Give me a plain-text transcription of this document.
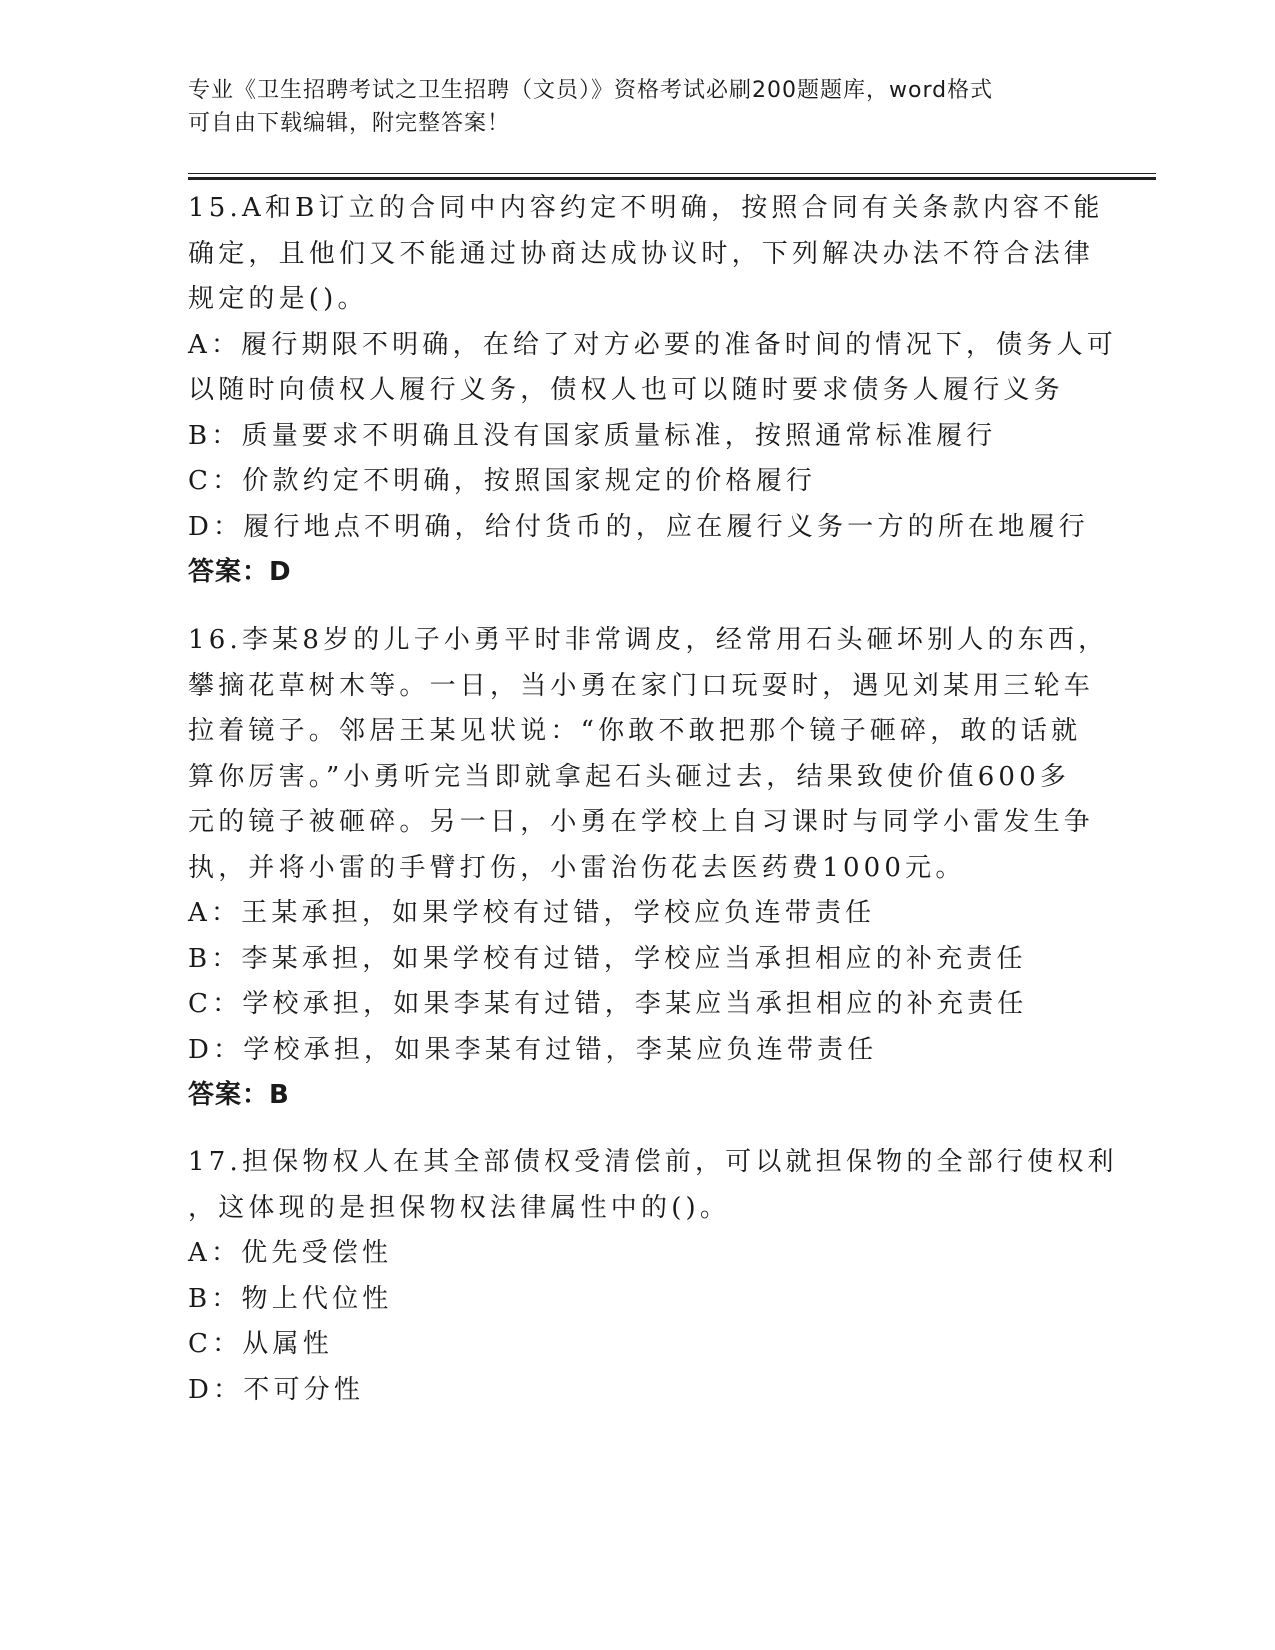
专业《卫生招聘考试之卫生招聘（文员）》资格考试必刷200题题库，word格式
可自由下载编辑，附完整答案！
15.A和B订立的合同中内容约定不明确，按照合同有关条款内容不能
确定，且他们又不能通过协商达成协议时，下列解决办法不符合法律
规定的是()。
A：履行期限不明确，在给了对方必要的准备时间的情况下，债务人可
以随时向债权人履行义务，债权人也可以随时要求债务人履行义务
B：质量要求不明确且没有国家质量标准，按照通常标准履行
C：价款约定不明确，按照国家规定的价格履行
D：履行地点不明确，给付货币的，应在履行义务一方的所在地履行
答案：D
16.李某8岁的儿子小勇平时非常调皮，经常用石头砸坏别人的东西，
攀摘花草树木等。一日，当小勇在家门口玩耍时，遇见刘某用三轮车
拉着镜子。邻居王某见状说：“你敢不敢把那个镜子砸碎，敢的话就
算你厉害。”小勇听完当即就拿起石头砸过去，结果致使价值600多
元的镜子被砸碎。另一日，小勇在学校上自习课时与同学小雷发生争
执，并将小雷的手臂打伤，小雷治伤花去医药费1000元。
A：王某承担，如果学校有过错，学校应负连带责任
B：李某承担，如果学校有过错，学校应当承担相应的补充责任
C：学校承担，如果李某有过错，李某应当承担相应的补充责任
D：学校承担，如果李某有过错，李某应负连带责任
答案：B
17.担保物权人在其全部债权受清偿前，可以就担保物的全部行使权利
，这体现的是担保物权法律属性中的()。
A：优先受偿性
B：物上代位性
C：从属性
D：不可分性
